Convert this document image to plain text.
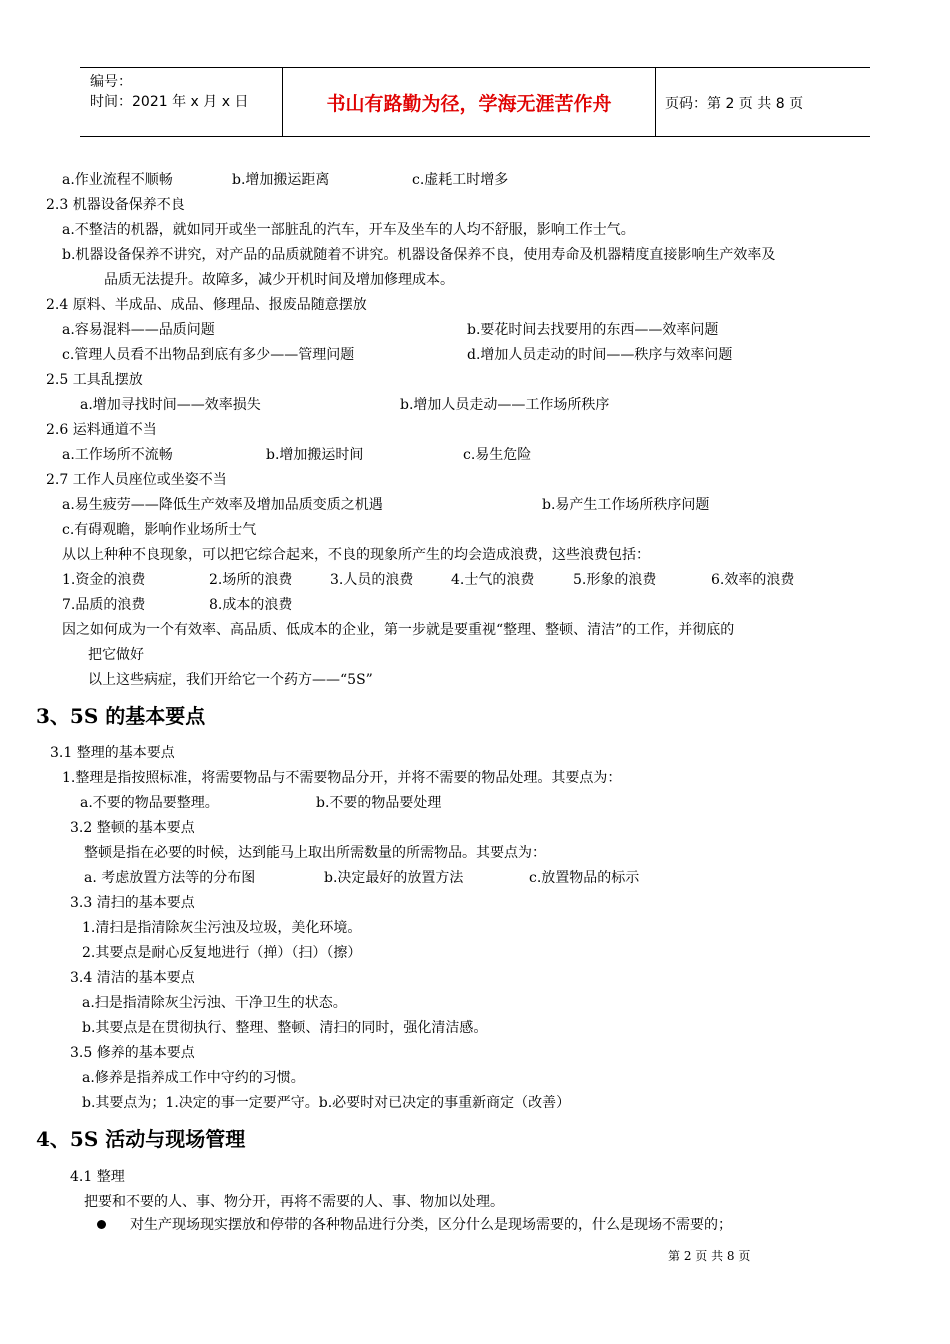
编号：
时间：2021 年 x 月 x 日	书山有路勤为径，学海无涯苦作舟	页码：第 2 页 共 8 页
a.作业流程不顺畅	b.增加搬运距离	c.虚耗工时增多
2.3 机器设备保养不良
a.不整洁的机器，就如同开或坐一部脏乱的汽车，开车及坐车的人均不舒服，影响工作士气。
b.机器设备保养不讲究，对产品的品质就随着不讲究。机器设备保养不良，使用寿命及机器精度直接影响生产效率及
品质无法提升。故障多，减少开机时间及增加修理成本。
2.4 原料、半成品、成品、修理品、报废品随意摆放
a.容易混料——品质问题	b.要花时间去找要用的东西——效率问题
c.管理人员看不出物品到底有多少——管理问题	d.增加人员走动的时间——秩序与效率问题
2.5 工具乱摆放
a.增加寻找时间——效率损失	b.增加人员走动——工作场所秩序
2.6 运料通道不当
a.工作场所不流畅	b.增加搬运时间	c.易生危险
2.7 工作人员座位或坐姿不当
a.易生疲劳——降低生产效率及增加品质变质之机遇	b.易产生工作场所秩序问题
c.有碍观瞻，影响作业场所士气
从以上种种不良现象，可以把它综合起来，不良的现象所产生的均会造成浪费，这些浪费包括：
1.资金的浪费	2.场所的浪费	3.人员的浪费	4.士气的浪费	5.形象的浪费	6.效率的浪费
7.品质的浪费	8.成本的浪费
因之如何成为一个有效率、高品质、低成本的企业，第一步就是要重视“整理、整顿、清洁”的工作，并彻底的
把它做好
以上这些病症，我们开给它一个药方——“5S”
3、5S 的基本要点
3.1 整理的基本要点
1.整理是指按照标准，将需要物品与不需要物品分开，并将不需要的物品处理。其要点为：
a.不要的物品要整理。	b.不要的物品要处理
3.2 整顿的基本要点
整顿是指在必要的时候，达到能马上取出所需数量的所需物品。其要点为：
a. 考虑放置方法等的分布图	b.决定最好的放置方法	c.放置物品的标示
3.3 清扫的基本要点
1.清扫是指清除灰尘污浊及垃圾，美化环境。
2.其要点是耐心反复地进行（掸）（扫）（擦）
3.4 清洁的基本要点
a.扫是指清除灰尘污浊、干净卫生的状态。
b.其要点是在贯彻执行、整理、整顿、清扫的同时，强化清洁感。
3.5 修养的基本要点
a.修养是指养成工作中守约的习惯。
b.其要点为；1.决定的事一定要严守。b.必要时对已决定的事重新商定（改善）
4、5S 活动与现场管理
4.1 整理
把要和不要的人、事、物分开，再将不需要的人、事、物加以处理。
对生产现场现实摆放和停带的各种物品进行分类，区分什么是现场需要的，什么是现场不需要的；
第 2 页 共 8 页
